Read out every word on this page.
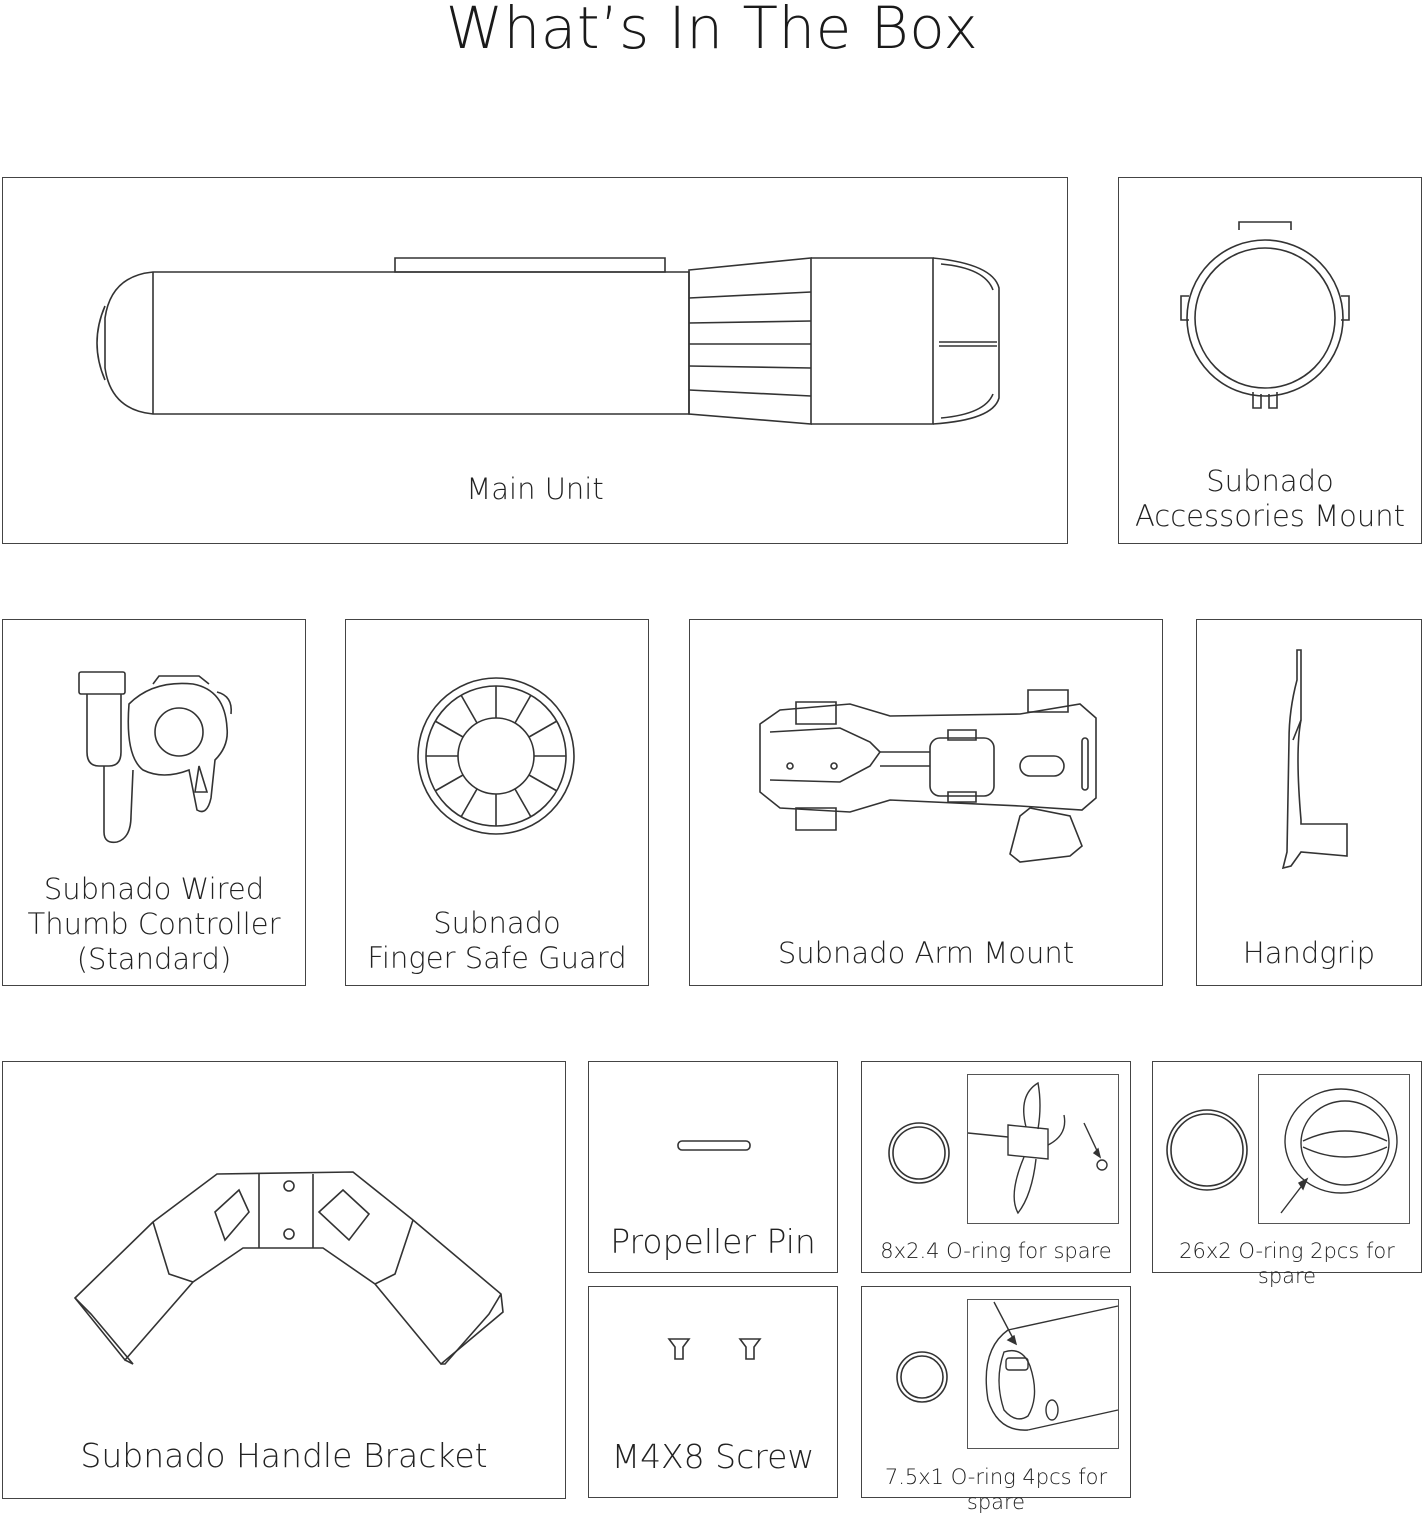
What’s In The Box
Main Unit	Subnado
Accessories Mount
Subnado Wired
Thumb Controller
(Standard)
Subnado
Finger Safe Guard	Subnado Arm Mount	Handgrip
Subnado Handle Bracket
Propeller Pin
M4X8 Screw
8x2.4 O-ring for spare	26x2 O-ring 2pcs for spare
7.5x1 O-ring 4pcs for spare
